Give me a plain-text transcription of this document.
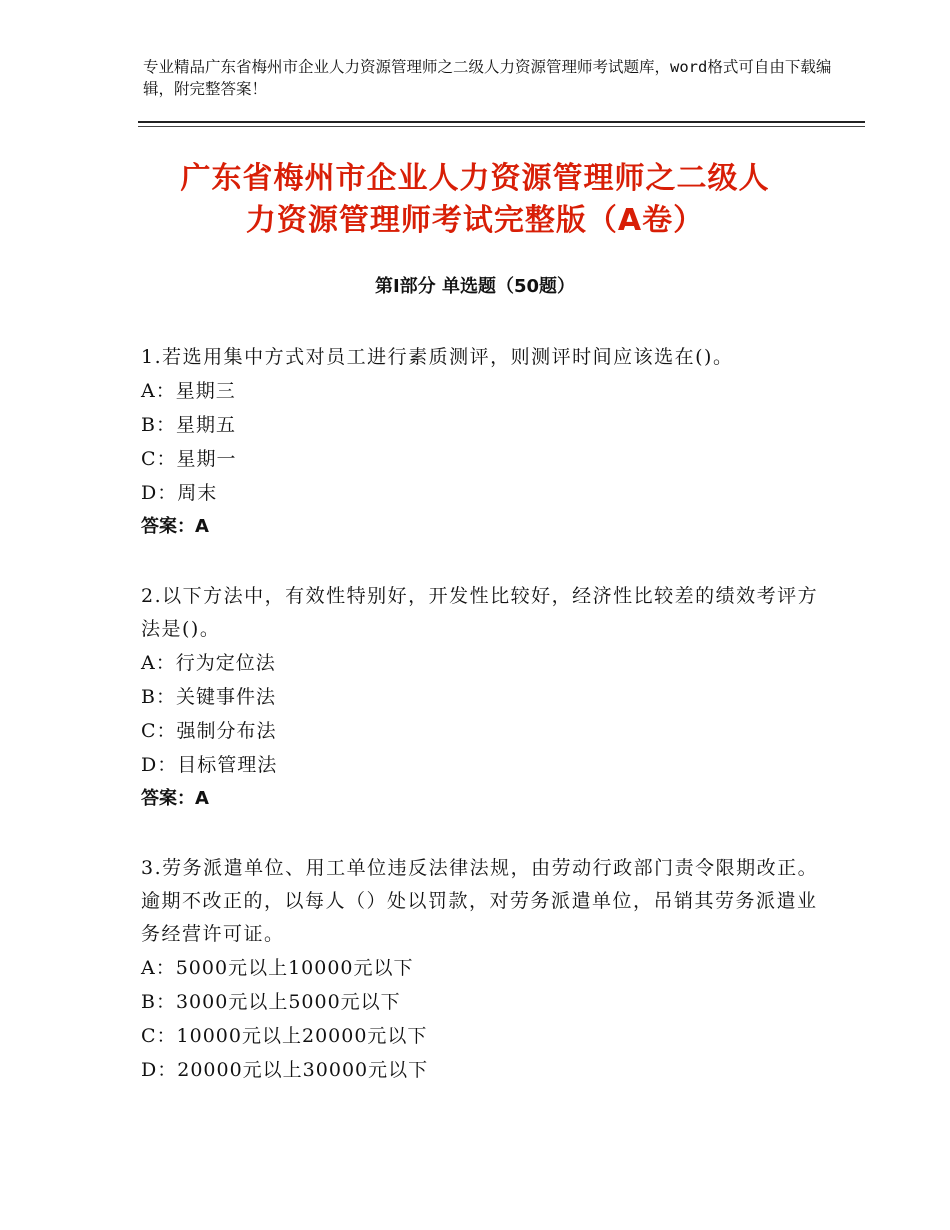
专业精品广东省梅州市企业人力资源管理师之二级人力资源管理师考试题库，word格式可自由下载编辑，附完整答案！
广东省梅州市企业人力资源管理师之二级人
力资源管理师考试完整版（A卷）
第Ⅰ部分 单选题（50题）

1.若选用集中方式对员工进行素质测评，则测评时间应该选在()。

A：星期三

B：星期五

C：星期一

D：周末

答案：A

2.以下方法中，有效性特别好，开发性比较好，经济性比较差的绩效考评方法是()。

A：行为定位法

B：关键事件法

C：强制分布法

D：目标管理法

答案：A

3.劳务派遣单位、用工单位违反法律法规，由劳动行政部门责令限期改正。逾期不改正的，以每人（）处以罚款，对劳务派遣单位，吊销其劳务派遣业务经营许可证。

A：5000元以上10000元以下

B：3000元以上5000元以下

C：10000元以上20000元以下

D：20000元以上30000元以下
